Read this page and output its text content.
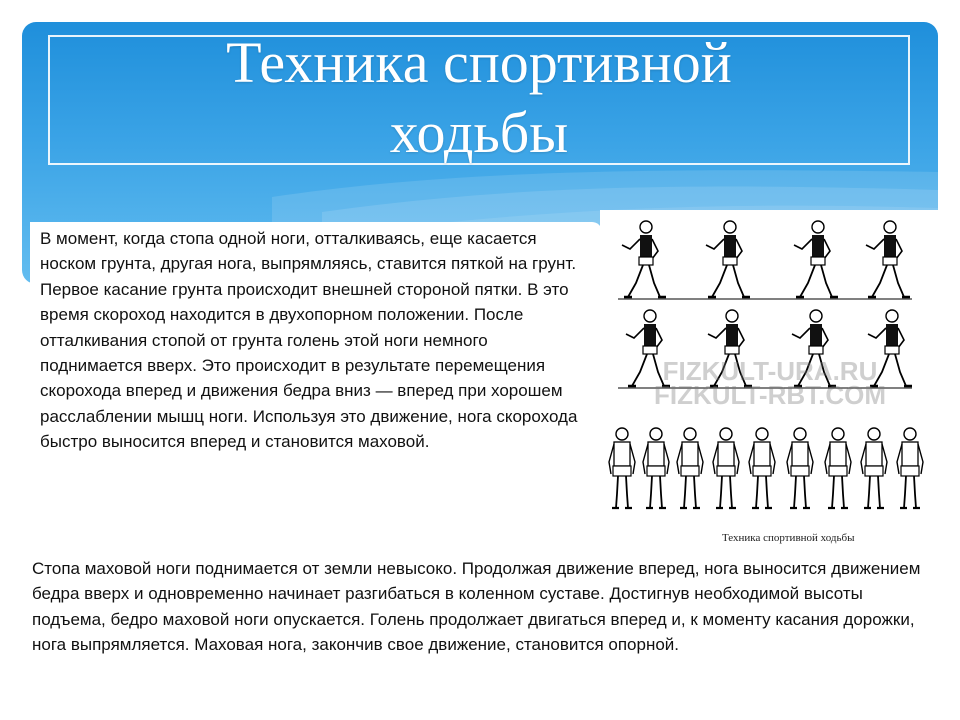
Техника спортивной
ходьбы
В момент, когда стопа одной ноги, отталкиваясь, еще касается носком грунта, другая нога, выпрямляясь, ставится пяткой на грунт. Первое касание грунта происходит внешней стороной пятки. В это время скороход находится в двухопорном положении. После отталкивания стопой от грунта голень этой ноги немного поднимается вверх. Это происходит в результате перемещения скорохода вперед и движения бедра вниз — вперед при хорошем расслаблении мышц ноги. Используя это движение, нога скорохода быстро выносится вперед и становится маховой.
FIZKULT-URA.RU
FIZKULT-RBT.COM
Техника спортивной ходьбы
Стопа маховой ноги поднимается от земли невысоко. Продолжая движение вперед, нога выносится движением бедра вверх и одновременно начинает разгибаться в коленном суставе. Достигнув необходимой высоты подъема, бедро маховой ноги опускается. Голень продолжает двигаться вперед и, к моменту касания дорожки, нога выпрямляется. Маховая нога, закончив свое движение, становится опорной.
